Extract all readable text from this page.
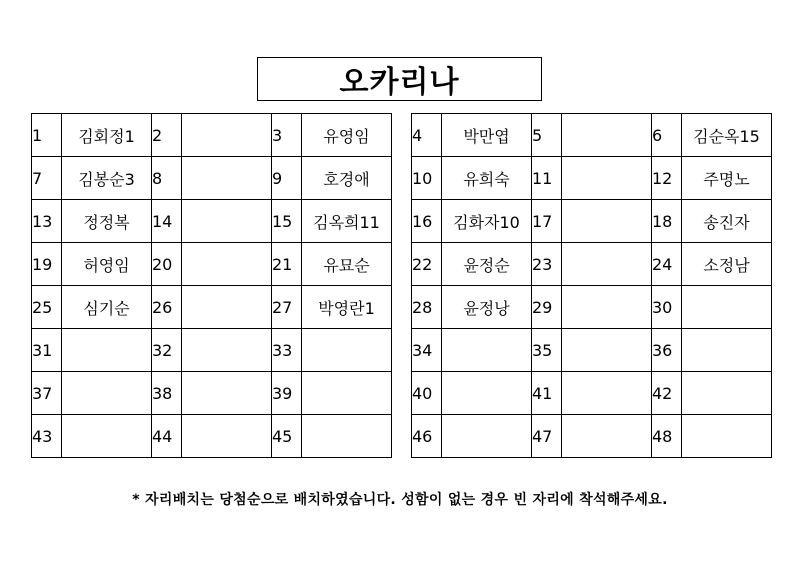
오카리나
1	김회정1	2		3	유영임
7	김봉순3	8		9	호경애
13	정정복	14		15	김옥희11
19	허영임	20		21	유묘순
25	심기순	26		27	박영란1
31		32		33	
37		38		39	
43		44		45	
4	박만엽	5		6	김순옥15
10	유희숙	11		12	주명노
16	김화자10	17		18	송진자
22	윤정순	23		24	소정남
28	윤정낭	29		30	
34		35		36	
40		41		42	
46		47		48	
* 자리배치는 당첨순으로 배치하였습니다. 성함이 없는 경우 빈 자리에 착석해주세요.
